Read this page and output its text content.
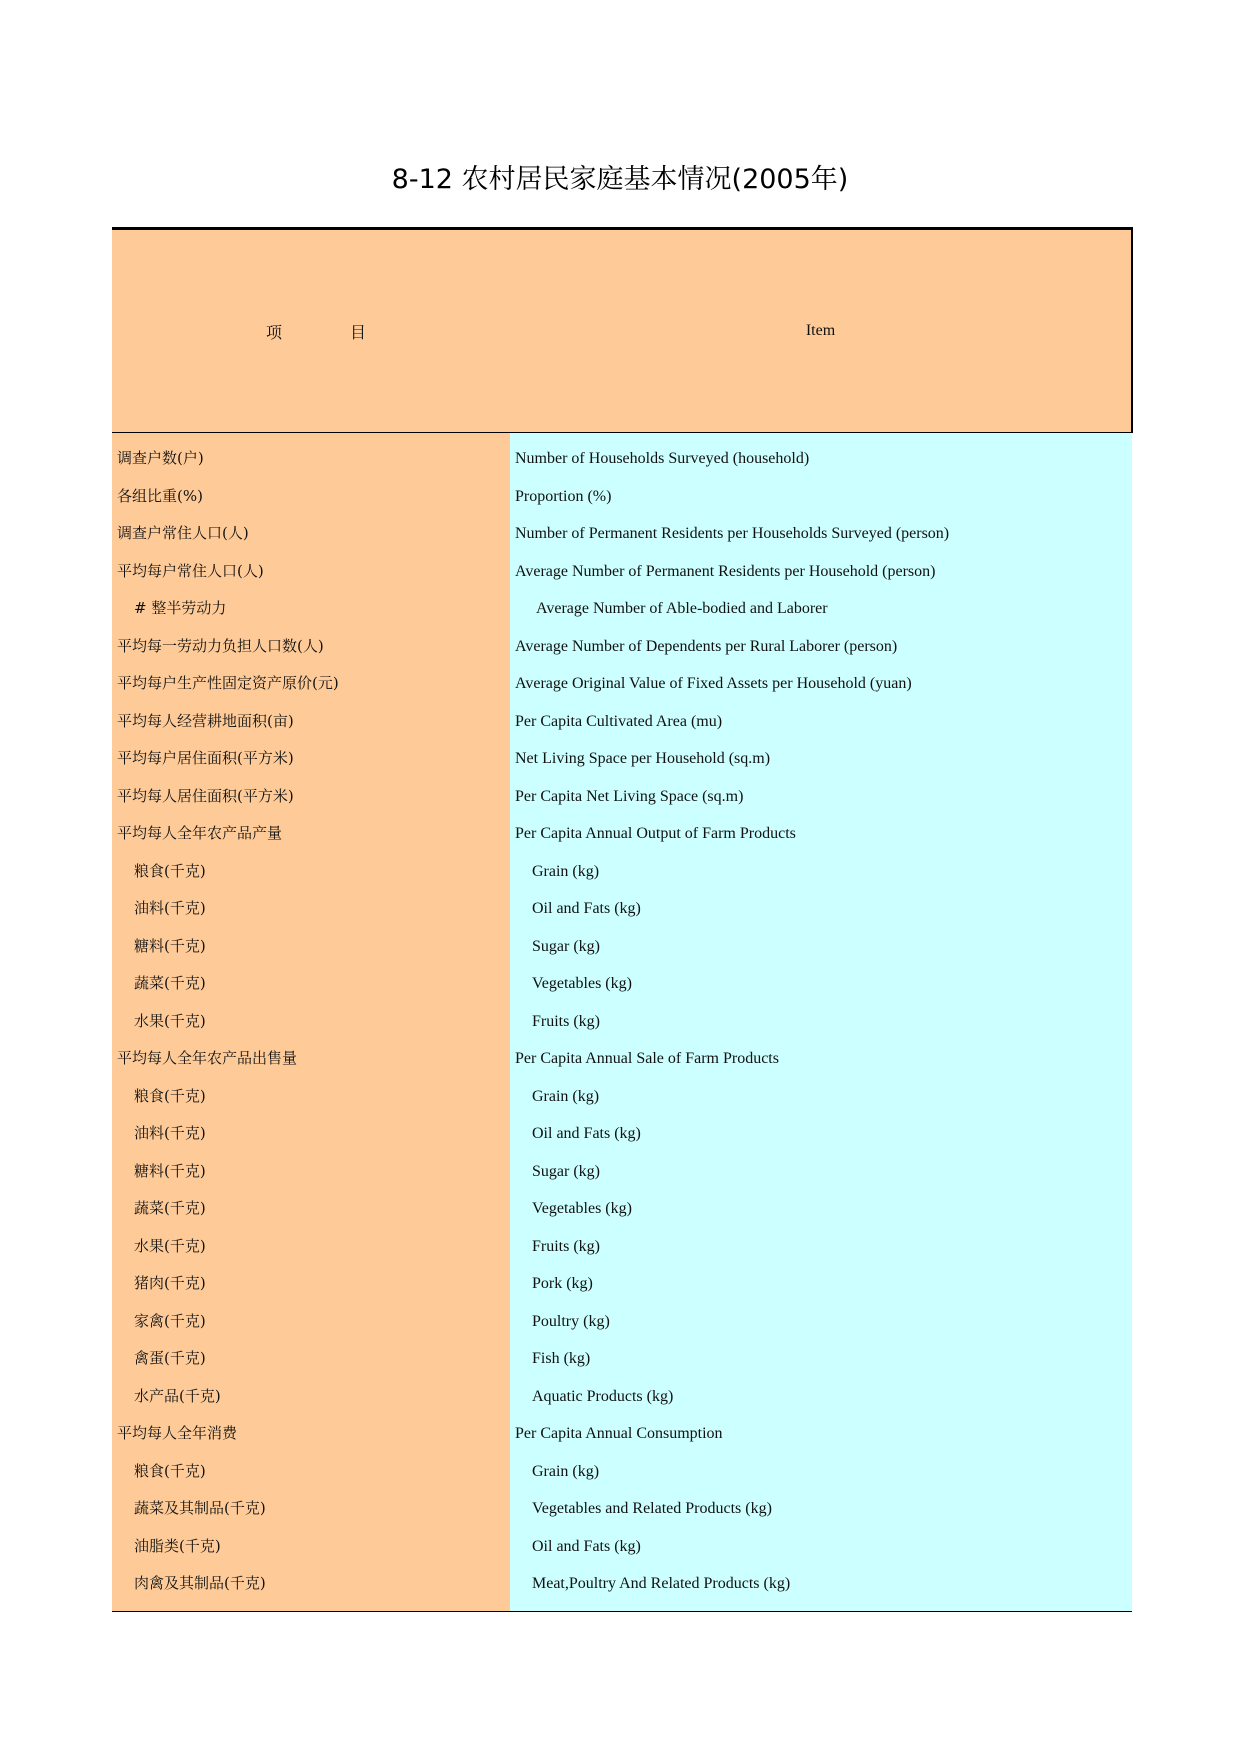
8-12 农村居民家庭基本情况(2005年)
项	目	Item
调查户数(户)
各组比重(%)
调查户常住人口(人)
平均每户常住人口(人)
# 整半劳动力
平均每一劳动力负担人口数(人)
平均每户生产性固定资产原价(元)
平均每人经营耕地面积(亩)
平均每户居住面积(平方米)
平均每人居住面积(平方米)
平均每人全年农产品产量
粮食(千克)
油料(千克)
糖料(千克)
蔬菜(千克)
水果(千克)
平均每人全年农产品出售量
粮食(千克)
油料(千克)
糖料(千克)
蔬菜(千克)
水果(千克)
猪肉(千克)
家禽(千克)
禽蛋(千克)
水产品(千克)
平均每人全年消费
粮食(千克)
蔬菜及其制品(千克)
油脂类(千克)
肉禽及其制品(千克)
Number of Households Surveyed (household)
Proportion (%)
Number of Permanent Residents per Households Surveyed (person)
Average Number of Permanent Residents per Household (person)
Average Number of Able-bodied and Laborer
Average Number of Dependents per Rural Laborer (person)
Average Original Value of Fixed Assets per Household (yuan)
Per Capita Cultivated Area (mu)
Net Living Space per Household (sq.m)
Per Capita Net Living Space (sq.m)
Per Capita Annual Output of Farm Products
Grain (kg)
Oil and Fats (kg)
Sugar (kg)
Vegetables (kg)
Fruits (kg)
Per Capita Annual Sale of Farm Products
Grain (kg)
Oil and Fats (kg)
Sugar (kg)
Vegetables (kg)
Fruits (kg)
Pork (kg)
Poultry (kg)
Fish (kg)
Aquatic Products (kg)
Per Capita Annual Consumption
Grain (kg)
Vegetables and Related Products (kg)
Oil and Fats (kg)
Meat,Poultry And Related Products (kg)
